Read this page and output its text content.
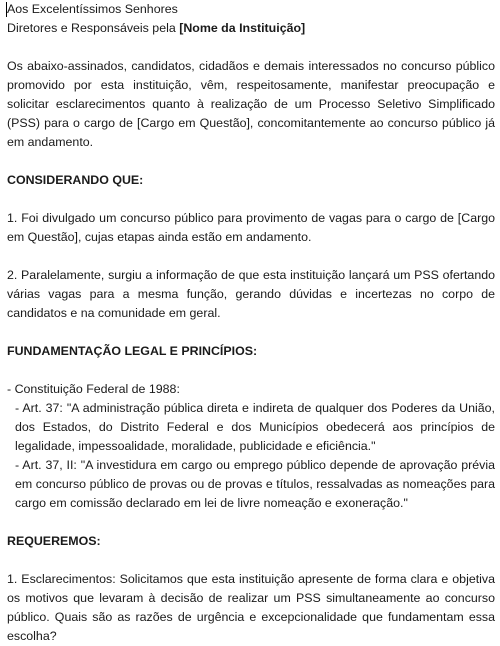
Aos Excelentíssimos Senhores

Diretores e Responsáveis pela [Nome da Instituição]

Os abaixo-assinados, candidatos, cidadãos e demais interessados no concurso público promovido por esta instituição, vêm, respeitosamente, manifestar preocupação e solicitar esclarecimentos quanto à realização de um Processo Seletivo Simplificado (PSS) para o cargo de [Cargo em Questão], concomitantemente ao concurso público já em andamento.

CONSIDERANDO QUE:

1. Foi divulgado um concurso público para provimento de vagas para o cargo de [Cargo em Questão], cujas etapas ainda estão em andamento.

2. Paralelamente, surgiu a informação de que esta instituição lançará um PSS ofertando várias vagas para a mesma função, gerando dúvidas e incertezas no corpo de candidatos e na comunidade em geral.

FUNDAMENTAÇÃO LEGAL E PRINCÍPIOS:

- Constituição Federal de 1988:

- Art. 37: "A administração pública direta e indireta de qualquer dos Poderes da União, dos Estados, do Distrito Federal e dos Municípios obedecerá aos princípios de legalidade, impessoalidade, moralidade, publicidade e eficiência."

- Art. 37, II: "A investidura em cargo ou emprego público depende de aprovação prévia em concurso público de provas ou de provas e títulos, ressalvadas as nomeações para cargo em comissão declarado em lei de livre nomeação e exoneração."

REQUEREMOS:

1. Esclarecimentos: Solicitamos que esta instituição apresente de forma clara e objetiva os motivos que levaram à decisão de realizar um PSS simultaneamente ao concurso público. Quais são as razões de urgência e excepcionalidade que fundamentam essa escolha?
